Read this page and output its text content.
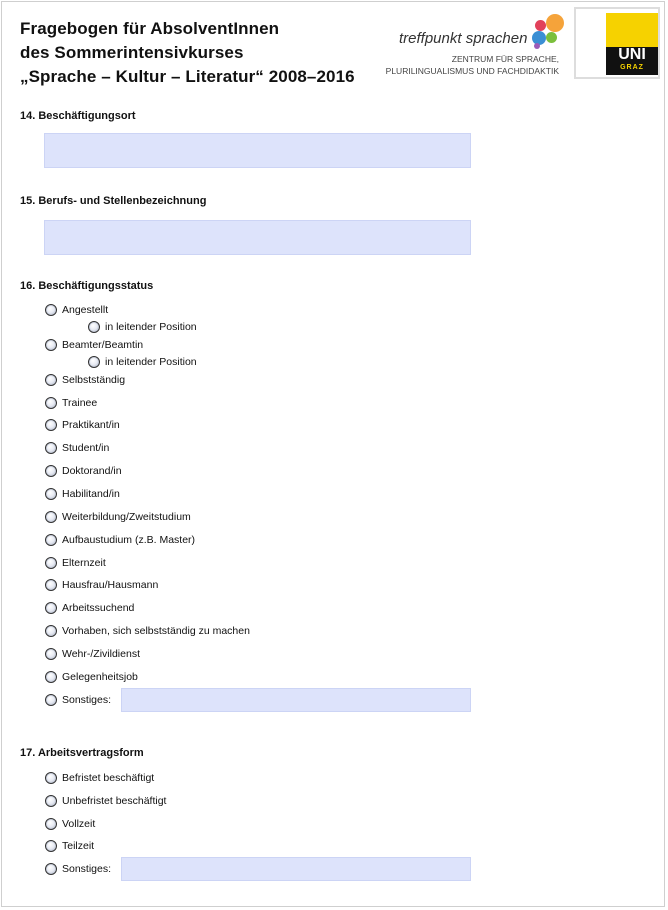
Fragebogen für AbsolventInnen
des Sommerintensivkurses
„Sprache – Kultur – Literatur“ 2008–2016
treffpunkt sprachen
ZENTRUM FÜR SPRACHE,
PLURILINGUALISMUS UND FACHDIDAKTIK
UNI
GRAZ
14. Beschäftigungsort
15. Berufs- und Stellenbezeichnung
16. Beschäftigungsstatus
Angestellt
in leitender Position
Beamter/Beamtin
in leitender Position
Selbstständig
Trainee
Praktikant/in
Student/in
Doktorand/in
Habilitand/in
Weiterbildung/Zweitstudium
Aufbaustudium (z.B. Master)
Elternzeit
Hausfrau/Hausmann
Arbeitssuchend
Vorhaben, sich selbstständig zu machen
Wehr-/Zivildienst
Gelegenheitsjob
Sonstiges:
17. Arbeitsvertragsform
Befristet beschäftigt
Unbefristet beschäftigt
Vollzeit
Teilzeit
Sonstiges:
